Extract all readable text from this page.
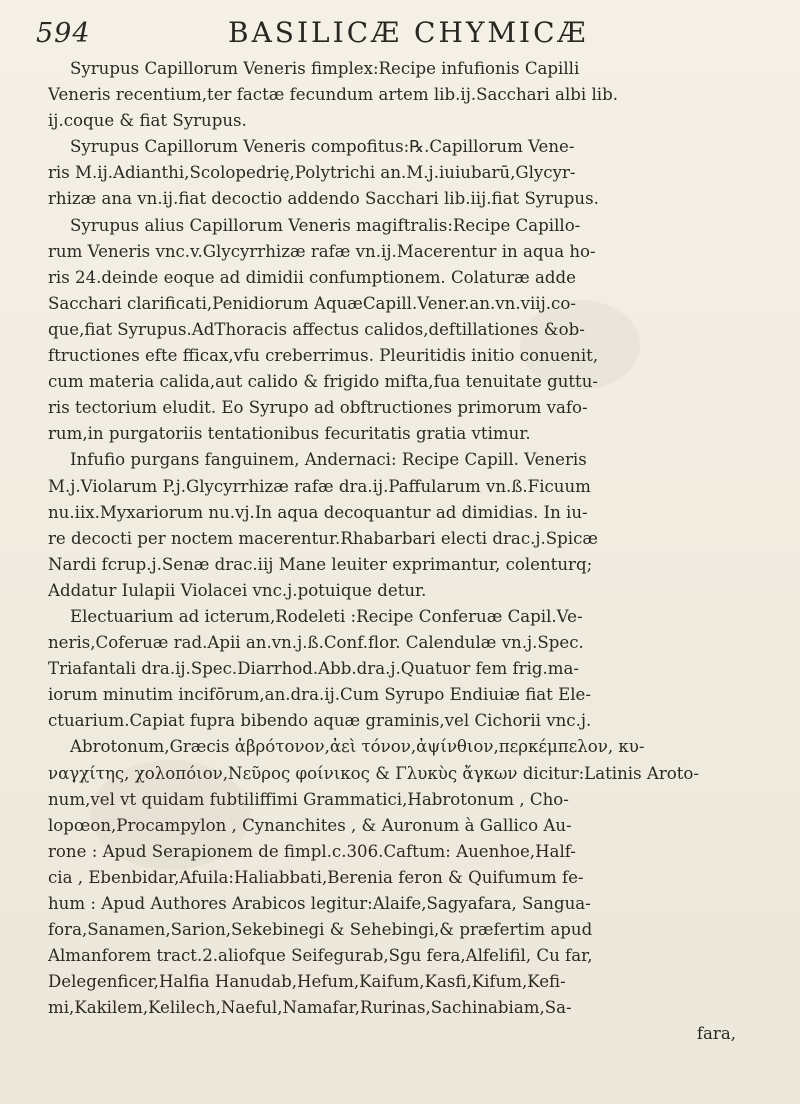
594	BASILICÆ CHYMICÆ
Syrupus Capillorum Veneris fimplex:Recipe infufionis Capilli
Veneris recentium,ter factæ fecundum artem lib.ij.Sacchari albi lib.
ij.coque & fiat Syrupus.
Syrupus Capillorum Veneris compofitus:℞.Capillorum Vene-
ris M.ij.Adianthi,Scolopedrię,Polytrichi an.M.j.iuiubarū,Glycyr-
rhizæ ana vn.ij.fiat decoctio addendo Sacchari lib.iij.fiat Syrupus.
Syrupus alius Capillorum Veneris magiftralis:Recipe Capillo-
rum Veneris vnc.v.Glycyrrhizæ rafæ vn.ij.Macerentur in aqua ho-
ris 24.deinde eoque ad dimidii confumptionem. Colaturæ adde
Sacchari clarificati,Penidiorum AquæCapill.Vener.an.vn.viij.co-
que,fiat Syrupus.AdThoracis affectus calidos,deftillationes &ob-
ftructiones efte fficax,vfu creberrimus. Pleuritidis initio conuenit,
cum materia calida,aut calido & frigido mifta,fua tenuitate guttu-
ris tectorium eludit. Eo Syrupo ad obftructiones primorum vafo-
rum,in purgatoriis tentationibus fecuritatis gratia vtimur.
Infufio purgans fanguinem, Andernaci: Recipe Capill. Veneris
M.j.Violarum P.j.Glycyrrhizæ rafæ dra.ij.Paffularum vn.ß.Ficuum
nu.iix.Myxariorum nu.vj.In aqua decoquantur ad dimidias. In iu-
re decocti per noctem macerentur.Rhabarbari electi drac.j.Spicæ
Nardi fcrup.j.Senæ drac.iij Mane leuiter exprimantur, colenturq;
Addatur Iulapii Violacei vnc.j.potuique detur.
Electuarium ad icterum,Rodeleti :Recipe Conferuæ Capil.Ve-
neris,Coferuæ rad.Apii an.vn.j.ß.Conf.flor. Calendulæ vn.j.Spec.
Triafantali dra.ij.Spec.Diarrhod.Abb.dra.j.Quatuor fem frig.ma-
iorum minutim incifōrum,an.dra.ij.Cum Syrupo Endiuiæ fiat Ele-
ctuarium.Capiat fupra bibendo aquæ graminis,vel Cichorii vnc.j.
Abrotonum,Græcis ἀβρότονον,ἀεὶ τόνον,ἀψίνθιον,περκέμπελον, κυ-
ναγχίτης, χολοπόιον,Νεῦρος φοίνικος & Γλυκὺς ἄγκων dicitur:Latinis Aroto-
num,vel vt quidam fubtiliffimi Grammatici,Habrotonum , Cho-
lopœon,Procampylon , Cynanchites , & Auronum à Gallico Au-
rone : Apud Serapionem de fimpl.c.306.Caftum: Auenhoe,Half-
cia , Ebenbidar,Afuila:Haliabbati,Berenia feron & Quifumum fe-
hum : Apud Authores Arabicos legitur:Alaife,Sagyafara, Sangua-
fora,Sanamen,Sarion,Sekebinegi & Sehebingi,& præfertim apud
Almanforem tract.2.aliofque Seifegurab,Sgu fera,Alfelifil, Cu far,
Delegenficer,Halfia Hanudab,Hefum,Kaifum,Kasfi,Kifum,Kefi-
mi,Kakilem,Kelilech,Naeful,Namafar,Rurinas,Sachinabiam,Sa-
fara,
